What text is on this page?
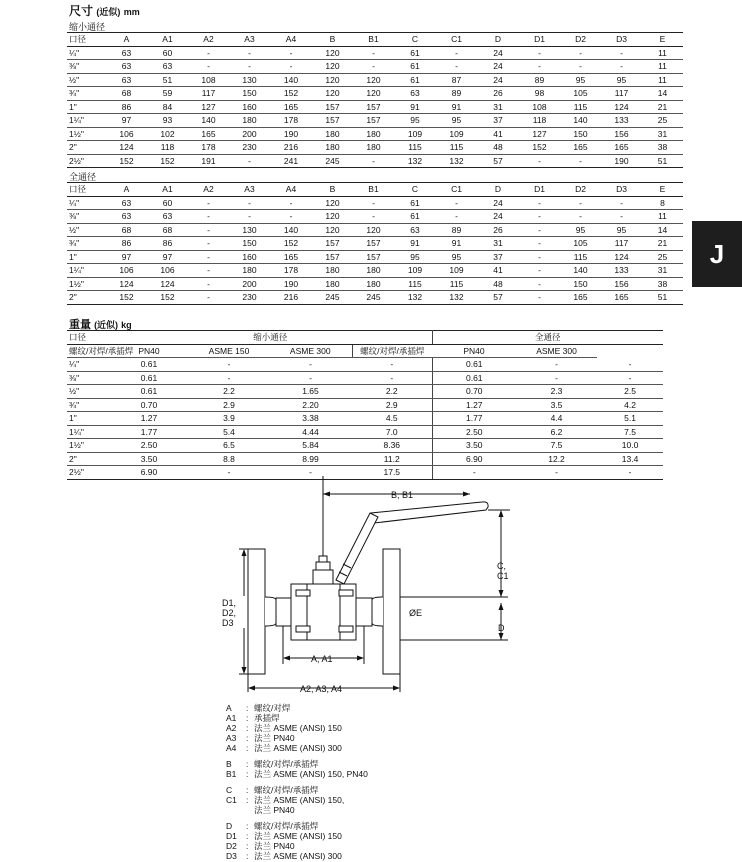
尺寸 (近似) mm
缩小通径
口径	A	A1	A2	A3	A4	B	B1	C	C1	D	D1	D2	D3	E
¼"	63	60	-	-	-	120	-	61	-	24	-	-	-	11
⅜"	63	63	-	-	-	120	-	61	-	24	-	-	-	11
½"	63	51	108	130	140	120	120	61	87	24	89	95	95	11
¾"	68	59	117	150	152	120	120	63	89	26	98	105	117	14
1"	86	84	127	160	165	157	157	91	91	31	108	115	124	21
1¼"	97	93	140	180	178	157	157	95	95	37	118	140	133	25
1½"	106	102	165	200	190	180	180	109	109	41	127	150	156	31
2"	124	118	178	230	216	180	180	115	115	48	152	165	165	38
2½"	152	152	191	-	241	245	-	132	132	57	-	-	190	51
全通径
口径	A	A1	A2	A3	A4	B	B1	C	C1	D	D1	D2	D3	E
¼"	63	60	-	-	-	120	-	61	-	24	-	-	-	8
⅜"	63	63	-	-	-	120	-	61	-	24	-	-	-	11
½"	68	68	-	130	140	120	120	63	89	26	-	95	95	14
¾"	86	86	-	150	152	157	157	91	91	31	-	105	117	21
1"	97	97	-	160	165	157	157	95	95	37	-	115	124	25
1¼"	106	106	-	180	178	180	180	109	109	41	-	140	133	31
1½"	124	124	-	200	190	180	180	115	115	48	-	150	156	38
2"	152	152	-	230	216	245	245	132	132	57	-	165	165	51
J
重量 (近似) kg
口径	缩小通径				全通径		
螺纹/对焊/承插焊	PN40	ASME 150	ASME 300	螺纹/对焊/承插焊	PN40	ASME 300	
¼"	0.61	-	-	-	0.61	-	-
⅜"	0.61	-	-	-	0.61	-	-
½"	0.61	2.2	1.65	2.2	0.70	2.3	2.5
¾"	0.70	2.9	2.20	2.9	1.27	3.5	4.2
1"	1.27	3.9	3.38	4.5	1.77	4.4	5.1
1¼"	1.77	5.4	4.44	7.0	2.50	6.2	7.5
1½"	2.50	6.5	5.84	8.36	3.50	7.5	10.0
2"	3.50	8.8	8.99	11.2	6.90	12.2	13.4
2½"	6.90	-	-	17.5	-	-	-
B, B1
C,
C1
D1,
D2,
D3
ØE
D
A, A1
A2, A3, A4
A	: 螺纹/对焊
A1	: 承插焊
A2	: 法兰 ASME (ANSI) 150
A3	: 法兰 PN40
A4	: 法兰 ASME (ANSI) 300
B	: 螺纹/对焊/承插焊
B1	: 法兰 ASME (ANSI) 150, PN40
C	: 螺纹/对焊/承插焊
C1	: 法兰 ASME (ANSI) 150,
法兰 PN40
D	: 螺纹/对焊/承插焊
D1	: 法兰 ASME (ANSI) 150
D2	: 法兰 PN40
D3	: 法兰 ASME (ANSI) 300
